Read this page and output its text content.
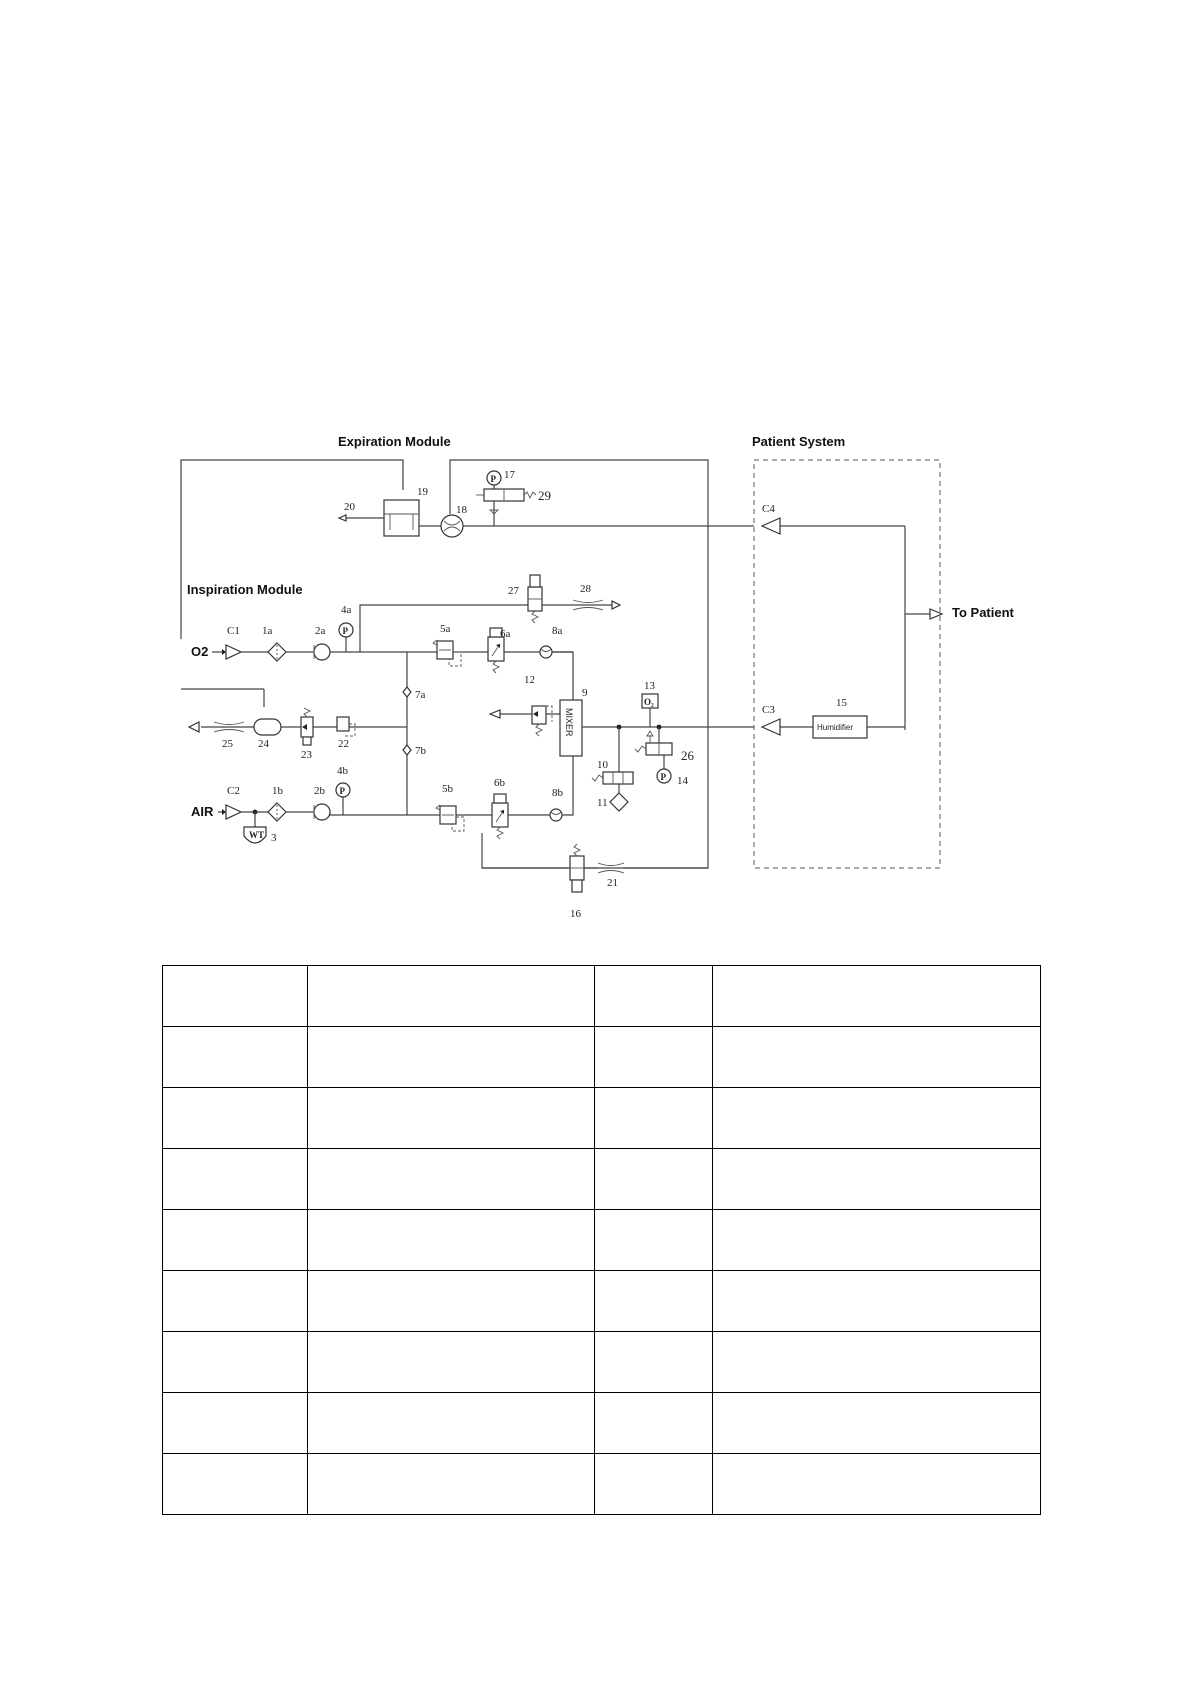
Expiration Module	Patient System
Inspiration Module
To Patient
19
20	18
P 17
29
C4
O2
C1 1a	2a P
4a
27	28
5a	6a	8a
7a
7b
25 24
23
22
12
MIXER
9
O₂
13
10
11
26
P 14
C3
Humidifier
15
AIR
C2
WT 3
1b	2b P
4b
5b	6b
8b
16
21
